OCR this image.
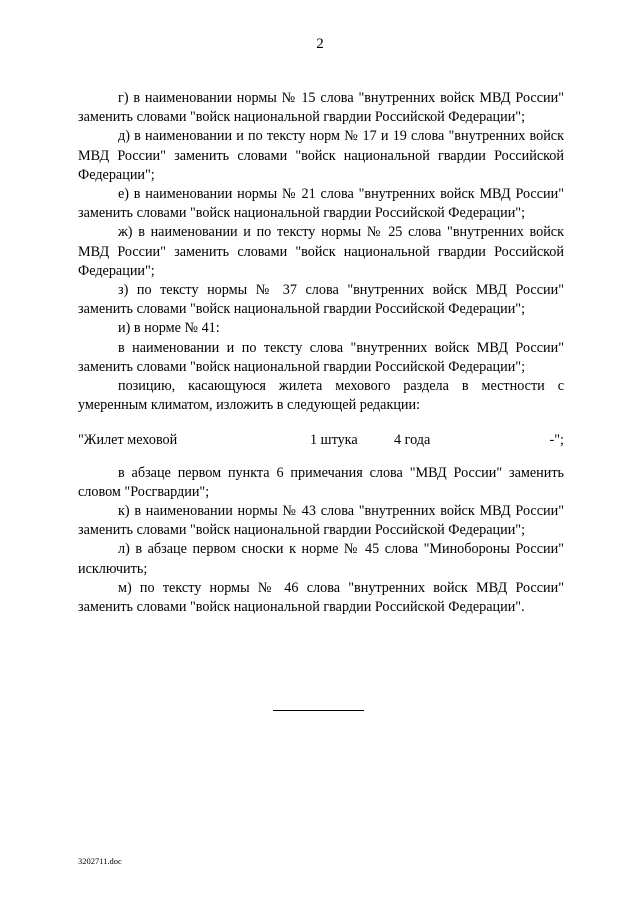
2

г) в наименовании нормы № 15 слова "внутренних войск МВД России" заменить словами "войск национальной гвардии Российской Федерации";

д) в наименовании и по тексту норм № 17 и 19 слова "внутренних войск МВД России" заменить словами "войск национальной гвардии Российской Федерации";

е) в наименовании нормы № 21 слова "внутренних войск МВД России" заменить словами "войск национальной гвардии Российской Федерации";

ж) в наименовании и по тексту нормы № 25 слова "внутренних войск МВД России" заменить словами "войск национальной гвардии Российской Федерации";

з) по тексту нормы № 37 слова "внутренних войск МВД России" заменить словами "войск национальной гвардии Российской Федерации";

и) в норме № 41:

в наименовании и по тексту слова "внутренних войск МВД России" заменить словами "войск национальной гвардии Российской Федерации";

позицию, касающуюся жилета мехового раздела в местности с умеренным климатом, изложить в следующей редакции:

"Жилет меховой	1 штука	4 года	-";

в абзаце первом пункта 6 примечания слова "МВД России" заменить словом "Росгвардии";

к) в наименовании нормы № 43 слова "внутренних войск МВД России" заменить словами "войск национальной гвардии Российской Федерации";

л) в абзаце первом сноски к норме № 45 слова "Минобороны России" исключить;

м) по тексту нормы № 46 слова "внутренних войск МВД России" заменить словами "войск национальной гвардии Российской Федерации".

3202711.doc
